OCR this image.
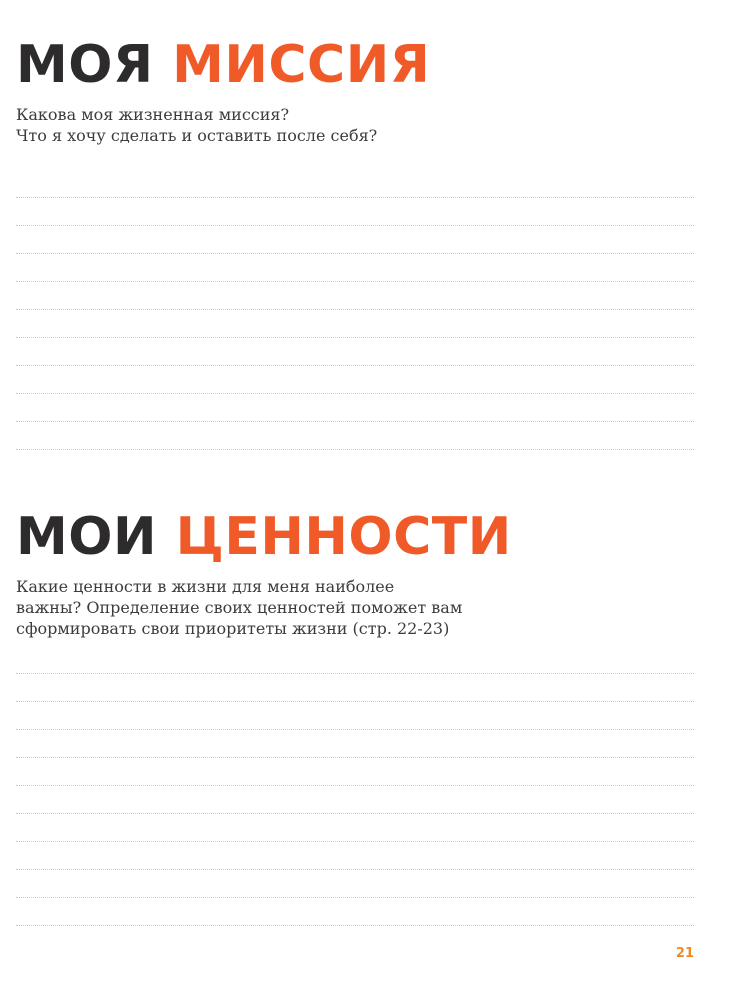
МОЯ МИССИЯ

Какова моя жизненная миссия?
Что я хочу сделать и оставить после себя?

МОИ ЦЕННОСТИ

Какие ценности в жизни для меня наиболее
важны? Определение своих ценностей поможет вам
сформировать свои приоритеты жизни (стр. 22-23)

21
